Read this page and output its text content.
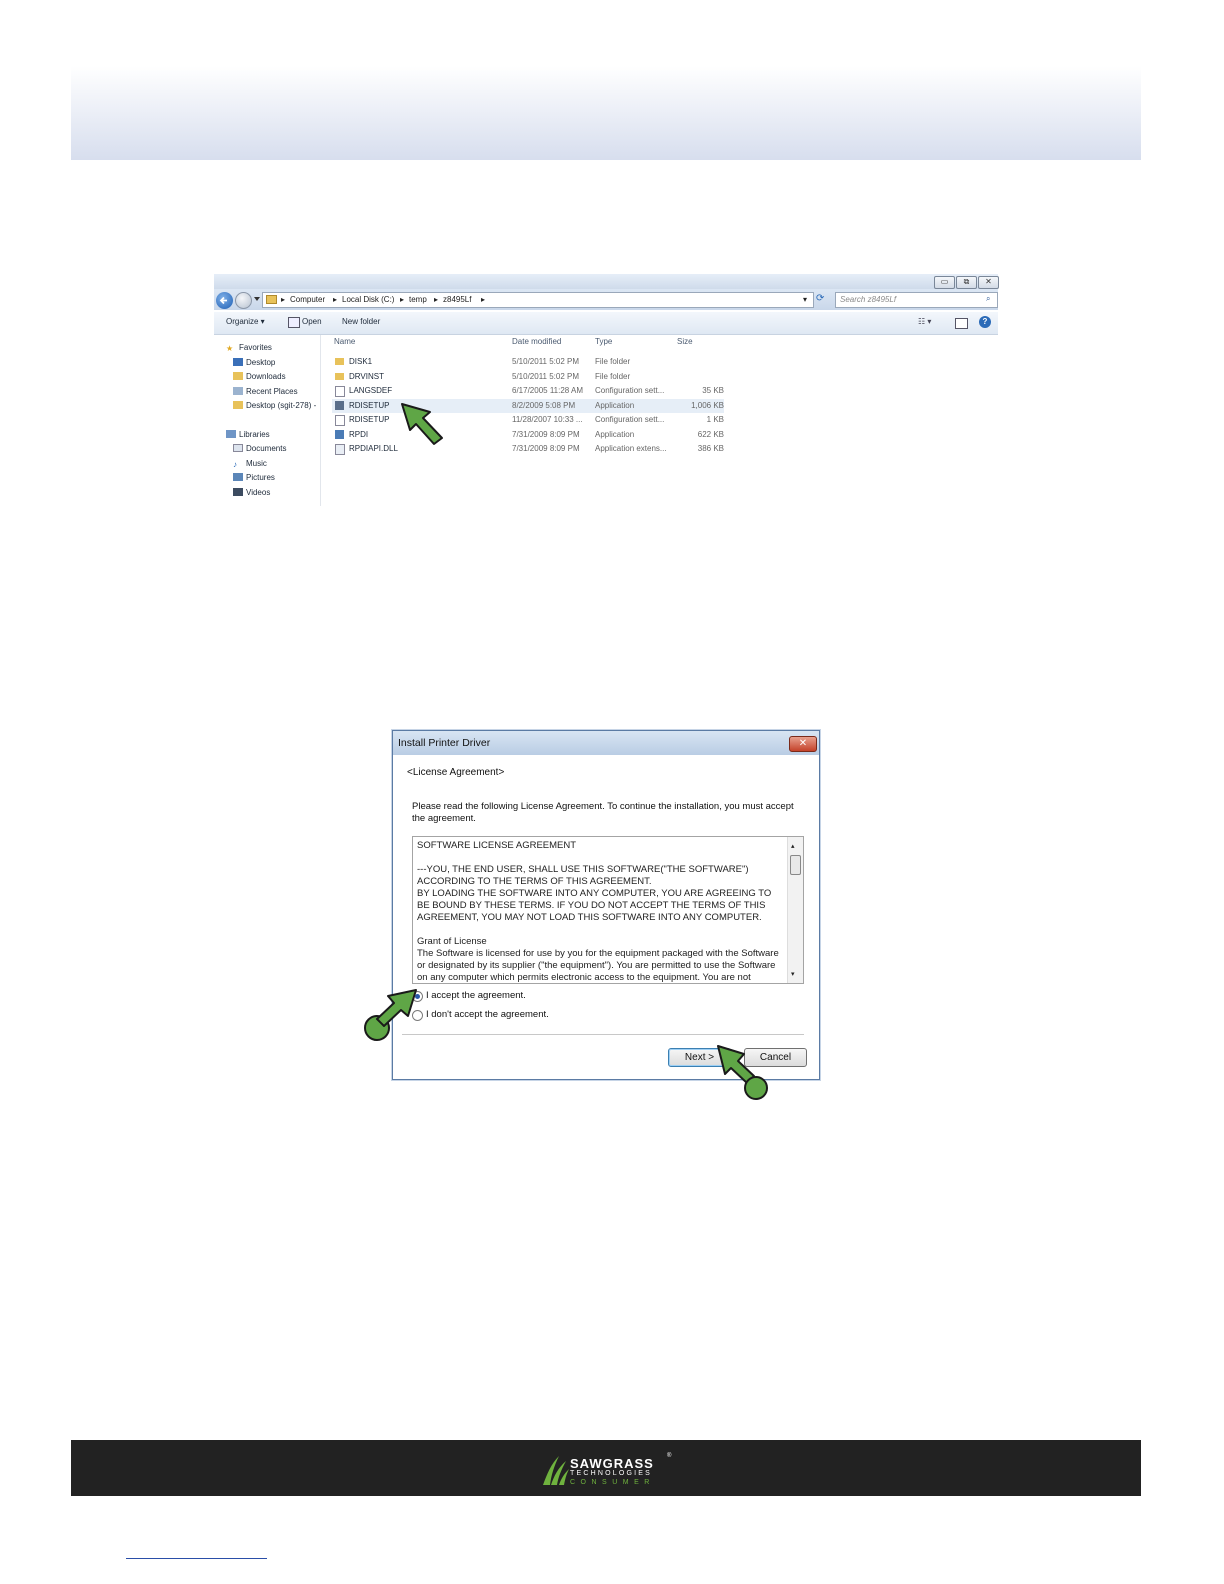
▭	⧉	✕
▸ Computer ▸ Local Disk (C:) ▸ temp ▸ z8495Lf ▸	▾ ⟳	Search z8495Lf	⌕
Organize ▾	Open	New folder	☷ ▾	?
★ Favorites
Desktop
Downloads
Recent Places
Desktop (sgit-278) -
Libraries
Documents
♪ Music
Pictures
Videos
Name	Date modified	Type	Size
DISK1	5/10/2011 5:02 PM File folder
DRVINST	5/10/2011 5:02 PM File folder
LANGSDEF	6/17/2005 11:28 AM Configuration sett...	35 KB
RDISETUP	8/2/2009 5:08 PM Application	1,006 KB
RDISETUP	11/28/2007 10:33 ... Configuration sett...	1 KB
RPDI	7/31/2009 8:09 PM Application	622 KB
RPDIAPI.DLL	7/31/2009 8:09 PM Application extens...	386 KB
Install Printer Driver	✕
<License Agreement>
Please read the following License Agreement. To continue the installation, you must accept the agreement.
SOFTWARE LICENSE AGREEMENT
---YOU, THE END USER, SHALL USE THIS SOFTWARE("THE SOFTWARE") ACCORDING TO THE TERMS OF THIS AGREEMENT.
BY LOADING THE SOFTWARE INTO ANY COMPUTER, YOU ARE AGREEING TO BE BOUND BY THESE TERMS. IF YOU DO NOT ACCEPT THE TERMS OF THIS AGREEMENT, YOU MAY NOT LOAD THIS SOFTWARE INTO ANY COMPUTER.
Grant of License
The Software is licensed for use by you for the equipment packaged with the Software or designated by its supplier ("the equipment"). You are permitted to use the Software on any computer which permits electronic access to the equipment. You are not
▴
▾
I accept the agreement.
I don't accept the agreement.
Next >	Cancel
SAWGRASS ®
TECHNOLOGIES
CONSUMER
